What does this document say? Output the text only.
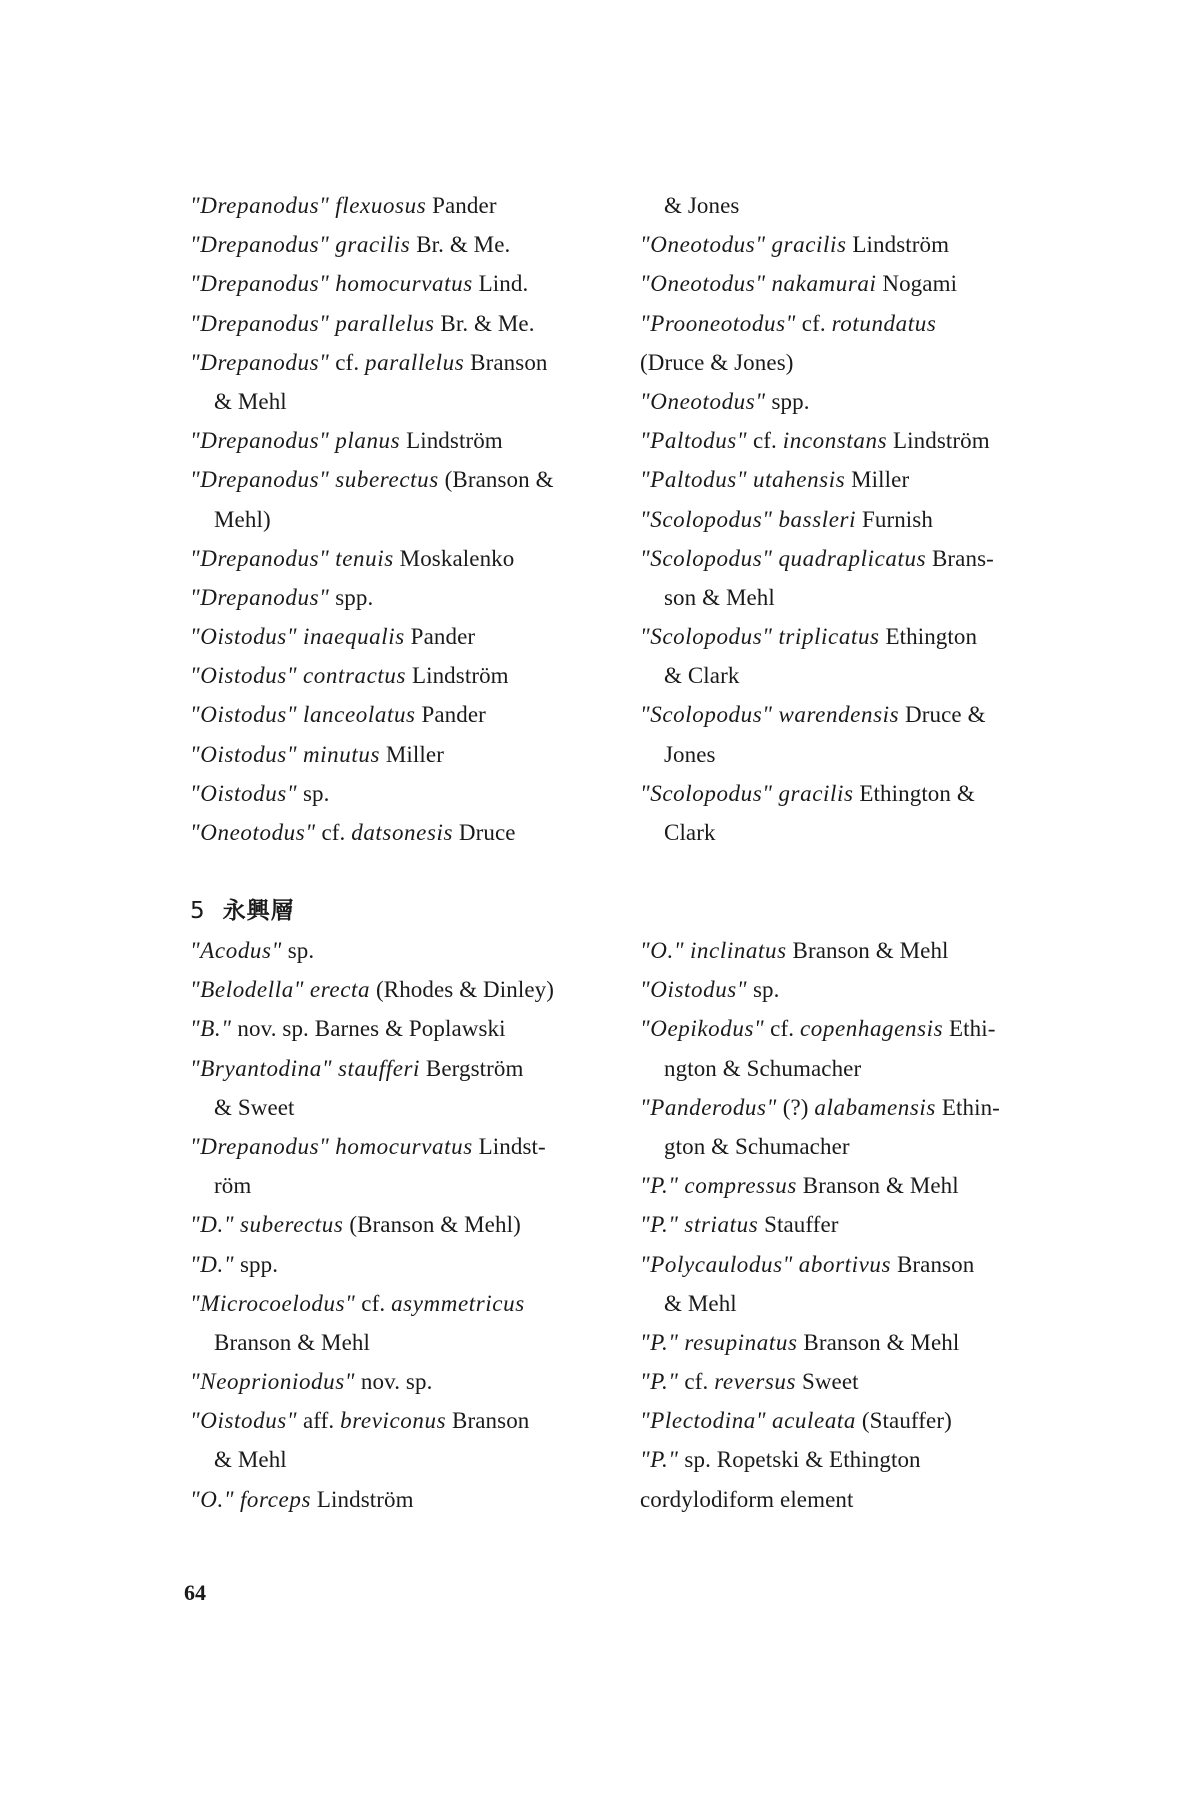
"Drepanodus" flexuosus Pander
"Drepanodus" gracilis Br. & Me.
"Drepanodus" homocurvatus Lind.
"Drepanodus" parallelus Br. & Me.
"Drepanodus" cf. parallelus Branson
& Mehl
"Drepanodus" planus Lindström
"Drepanodus" suberectus (Branson &
Mehl)
"Drepanodus" tenuis Moskalenko
"Drepanodus" spp.
"Oistodus" inaequalis Pander
"Oistodus" contractus Lindström
"Oistodus" lanceolatus Pander
"Oistodus" minutus Miller
"Oistodus" sp.
"Oneotodus" cf. datsonesis Druce
& Jones
"Oneotodus" gracilis Lindström
"Oneotodus" nakamurai Nogami
"Prooneotodus" cf. rotundatus
(Druce & Jones)
"Oneotodus" spp.
"Paltodus" cf. inconstans Lindström
"Paltodus" utahensis Miller
"Scolopodus" bassleri Furnish
"Scolopodus" quadraplicatus Brans-
son & Mehl
"Scolopodus" triplicatus Ethington
& Clark
"Scolopodus" warendensis Druce &
Jones
"Scolopodus" gracilis Ethington &
Clark
5 永興層
"Acodus" sp.
"Belodella" erecta (Rhodes & Dinley)
"B." nov. sp. Barnes & Poplawski
"Bryantodina" staufferi Bergström
& Sweet
"Drepanodus" homocurvatus Lindst-
röm
"D." suberectus (Branson & Mehl)
"D." spp.
"Microcoelodus" cf. asymmetricus
Branson & Mehl
"Neoprioniodus" nov. sp.
"Oistodus" aff. breviconus Branson
& Mehl
"O." forceps Lindström
"O." inclinatus Branson & Mehl
"Oistodus" sp.
"Oepikodus" cf. copenhagensis Ethi-
ngton & Schumacher
"Panderodus" (?) alabamensis Ethin-
gton & Schumacher
"P." compressus Branson & Mehl
"P." striatus Stauffer
"Polycaulodus" abortivus Branson
& Mehl
"P." resupinatus Branson & Mehl
"P." cf. reversus Sweet
"Plectodina" aculeata (Stauffer)
"P." sp. Ropetski & Ethington
cordylodiform element
64
